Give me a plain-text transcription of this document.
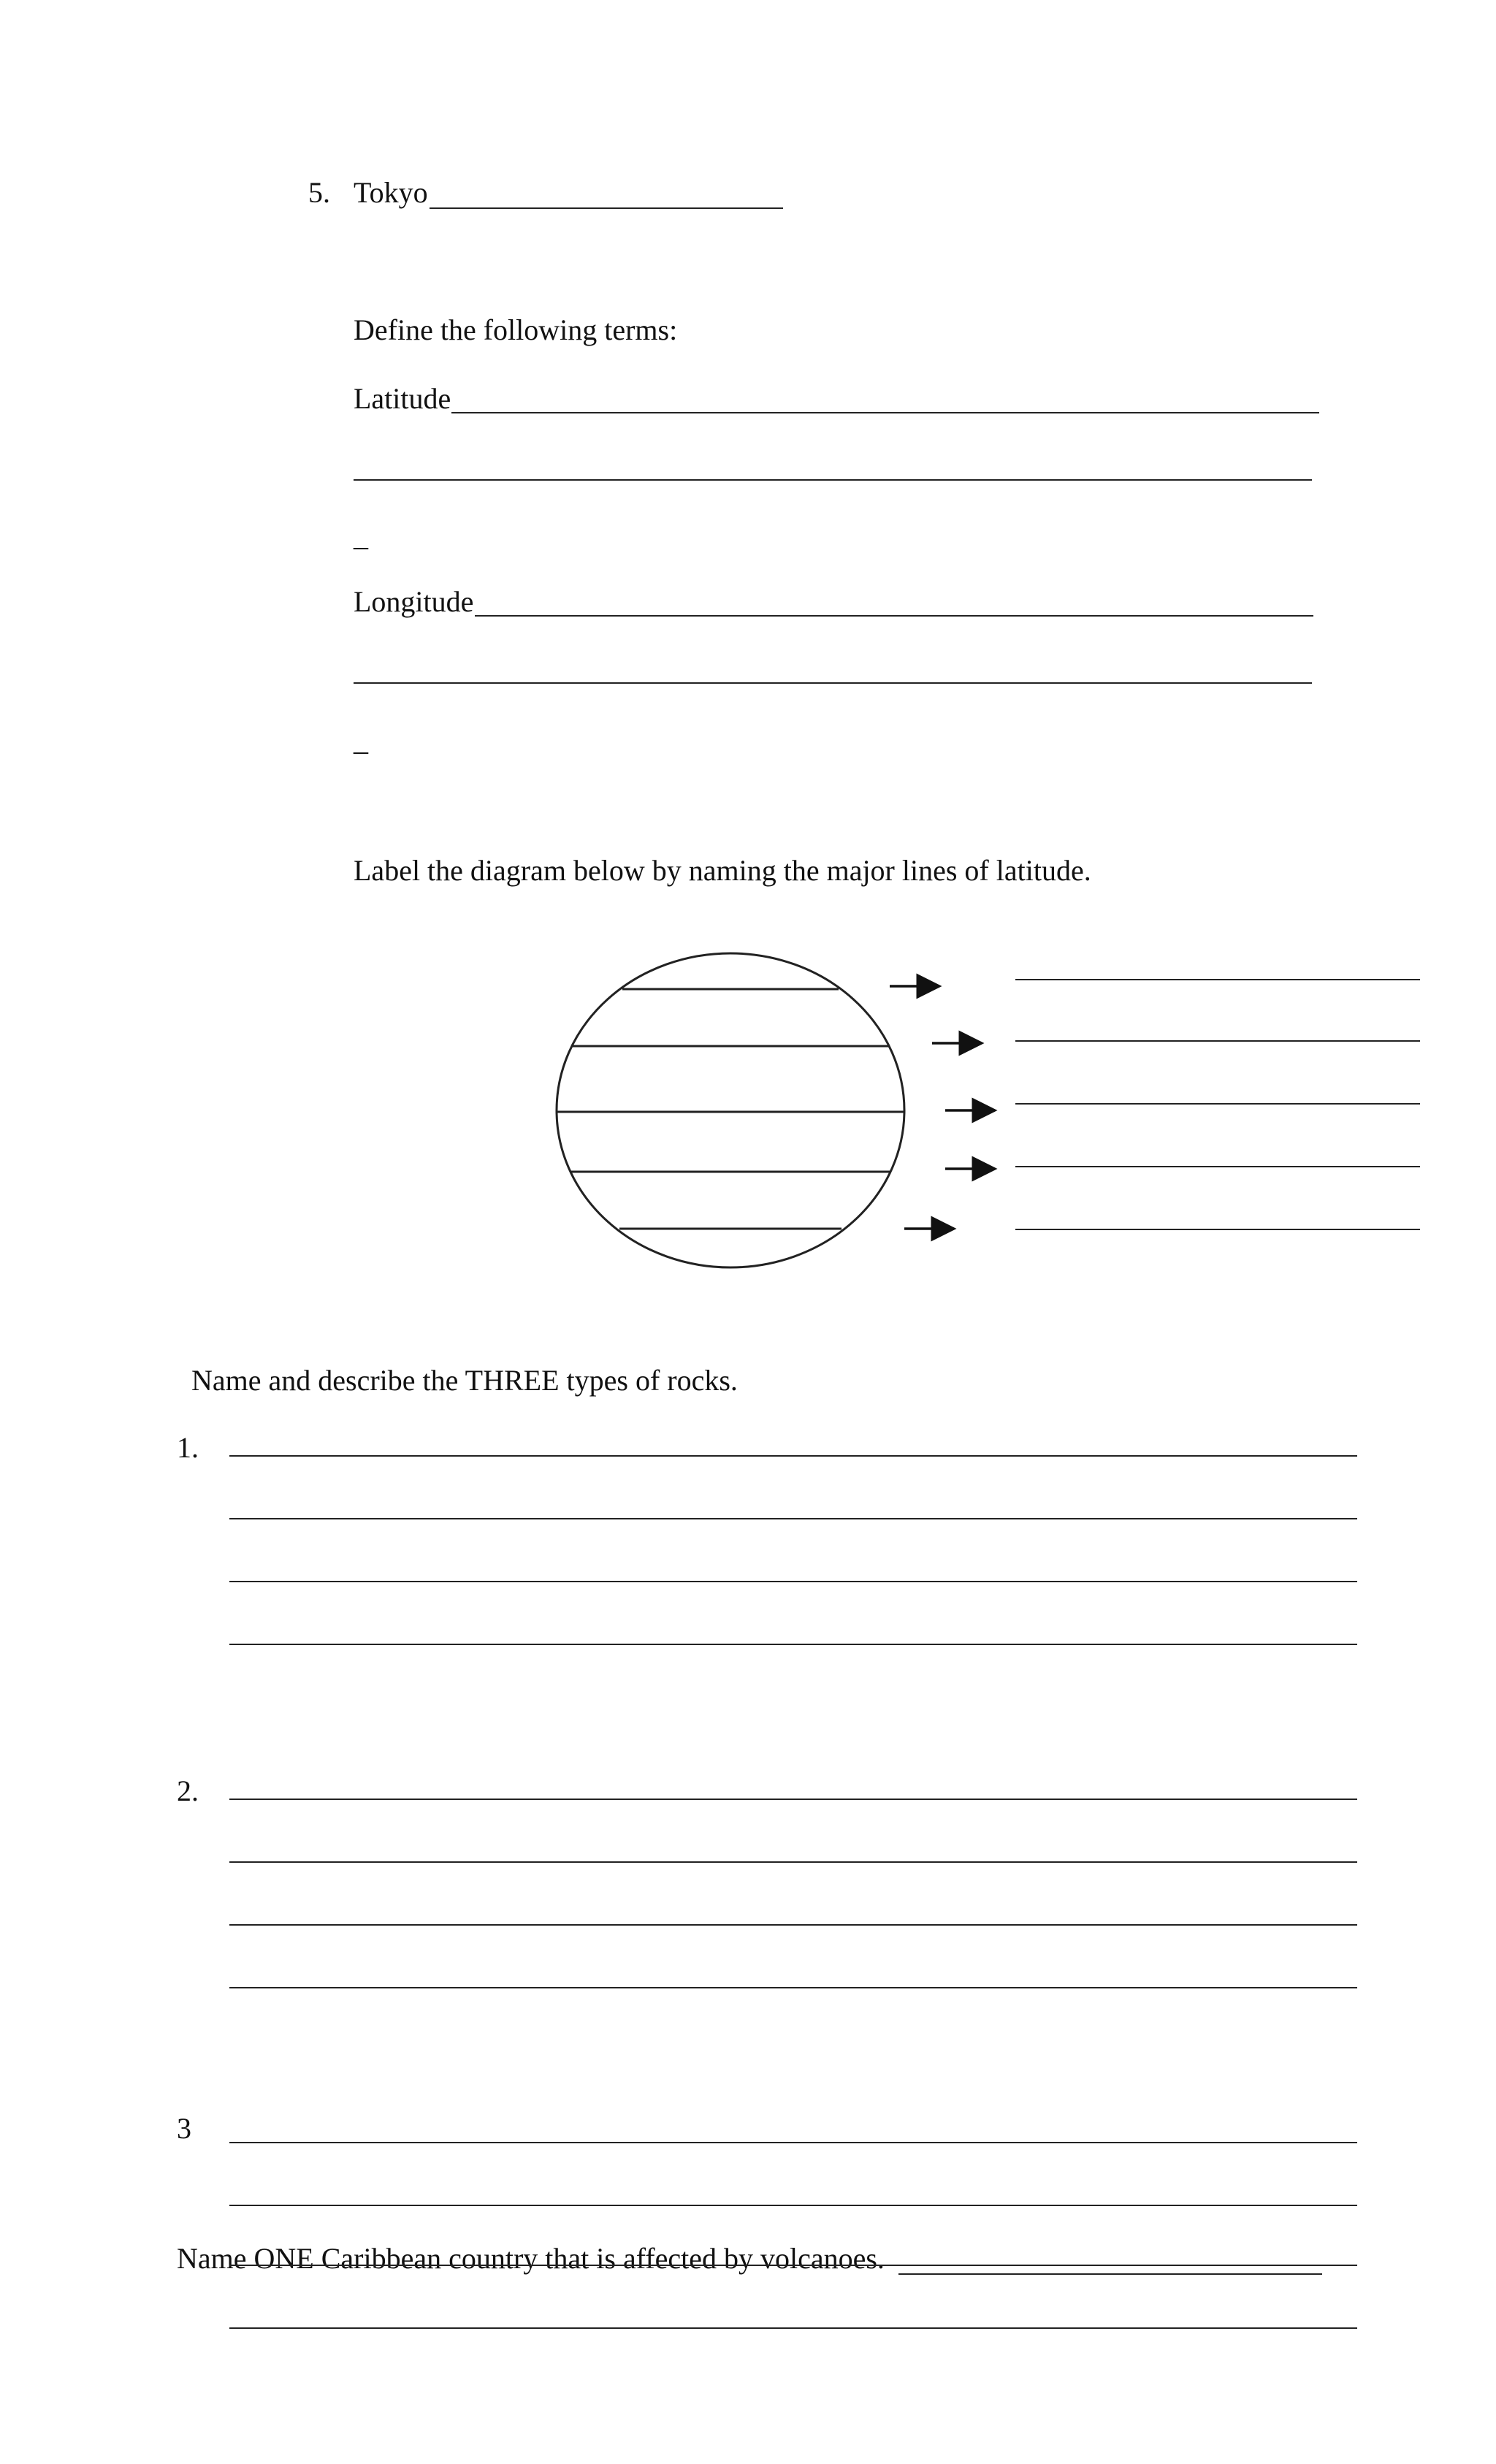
5. Tokyo
Define the following terms:
Latitude
_
Longitude
_
Label the diagram below by naming the major lines of latitude.
Name and describe the THREE types of rocks.
1.
2.
3
Name ONE Caribbean country that is affected by volcanoes.
